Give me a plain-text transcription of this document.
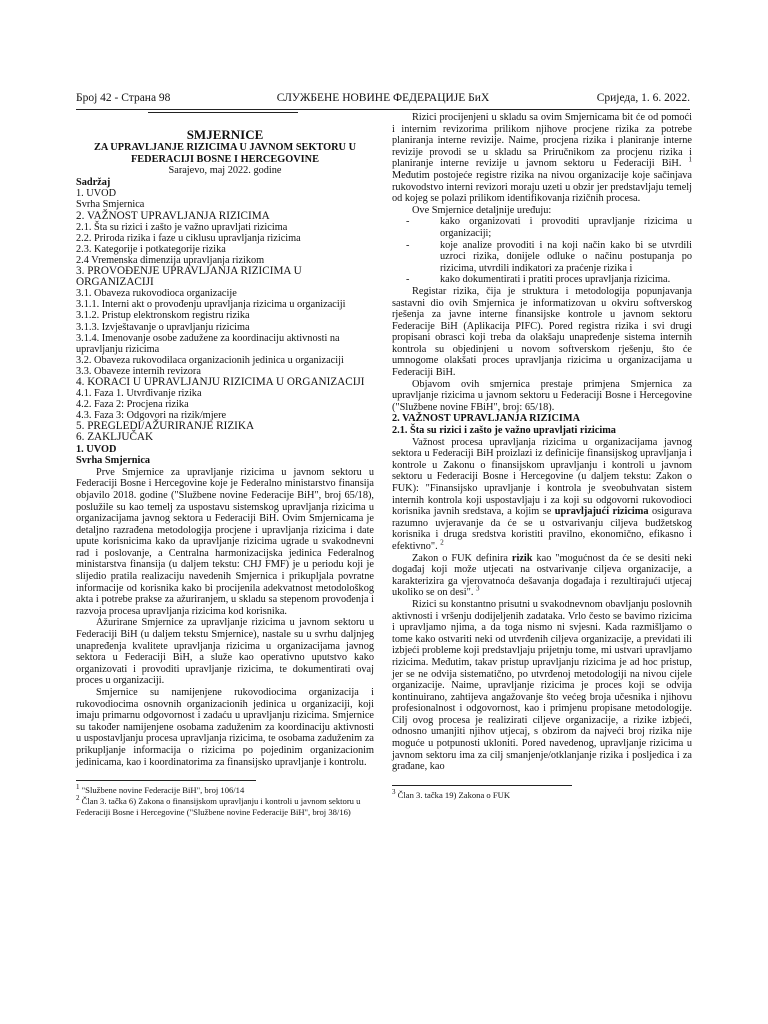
Број 42 - Страна 98	СЛУЖБЕНЕ НОВИНЕ ФЕДЕРАЦИЈЕ БиХ	Сриједа, 1. 6. 2022.
SMJERNICE
ZA UPRAVLJANJE RIZICIMA U JAVNOM SEKTORU U FEDERACIJI BOSNE I HERCEGOVINE
Sarajevo, maj 2022. godine
Sadržaj
1. UVOD
Svrha Smjernica
2. VAŽNOST UPRAVLJANJA RIZICIMA
2.1. Šta su rizici i zašto je važno upravljati rizicima
2.2. Priroda rizika i faze u ciklusu upravljanja rizicima
2.3. Kategorije i potkategorije rizika
2.4 Vremenska dimenzija upravljanja rizikom
3. PROVOĐENJE UPRAVLJANJA RIZICIMA U ORGANIZACIJI
3.1. Obaveza rukovodioca organizacije
3.1.1. Interni akt o provođenju upravljanja rizicima u organizaciji
3.1.2. Pristup elektronskom registru rizika
3.1.3. Izvještavanje o upravljanju rizicima
3.1.4. Imenovanje osobe zadužene za koordinaciju aktivnosti na upravljanju rizicima
3.2. Obaveza rukovodilaca organizacionih jedinica u organizaciji
3.3. Obaveze internih revizora
4. KORACI U UPRAVLJANJU RIZICIMA U ORGANIZACIJI
4.1. Faza 1. Utvrđivanje rizika
4.2. Faza 2: Procjena rizika
4.3. Faza 3: Odgovori na rizik/mjere
5. PREGLEDI/AŽURIRANJE RIZIKA
6. ZAKLJUČAK
1. UVOD
Svrha Smjernica

Prve Smjernice za upravljanje rizicima u javnom sektoru u Federaciji Bosne i Hercegovine koje je Federalno ministarstvo finansija objavilo 2018. godine ("Službene novine Federacije BiH", broj 65/18), poslužile su kao temelj za uspostavu sistemskog upravljanja rizicima u organizacijama javnog sektora u Federaciji BiH. Ovim Smjernicama je detaljno razrađena metodologija procjene i upravljanja rizicima i date upute korisnicima kako da upravljanje rizicima ugrade u svakodnevni rad i poslovanje, a Centralna harmonizacijska jedinica Federalnog ministarstva finansija (u daljem tekstu: CHJ FMF) je u periodu koji je slijedio pratila realizaciju navedenih Smjernica i prikupljala povratne informacije od korisnika kako bi procijenila adekvatnost metodološkog akta i potrebe prakse za ažuriranjem, u skladu sa stepenom provođenja i razvoja procesa upravljanja rizicima kod korisnika.

Ažurirane Smjernice za upravljanje rizicima u javnom sektoru u Federaciji BiH (u daljem tekstu Smjernice), nastale su u svrhu daljnjeg unapređenja kvalitete upravljanja rizicima u organizacijama javnog sektora u Federaciji BiH, a služe kao operativno uputstvo kako organizovati i provoditi upravljanje rizicima, te dokumentirati ovaj proces u organizaciji.

Smjernice su namijenjene rukovodiocima organizacija i rukovodiocima osnovnih organizacionih jedinica u organizaciji, koji imaju primarnu odgovornost i zadaću u upravljanju rizicima. Smjernice su također namijenjene osobama zaduženim za koordinaciju aktivnosti u uspostavljanju procesa upravljanja rizicima, te osobama zaduženim za prikupljanje informacija o rizicima po pojedinim organizacionim jedinicama, kao i koordinatorima za finansijsko upravljanje i kontrolu.

$^1$ "Službene novine Federacije BiH", broj 106/14
$^2$ Član 3. tačka 6) Zakona o finansijskom upravljanju i kontroli u javnom sektoru u Federaciji Bosne i Hercegovine ("Službene novine Federacije BiH", broj 38/16)

Rizici procijenjeni u skladu sa ovim Smjernicama bit će od pomoći i internim revizorima prilikom njihove procjene rizika za potrebe planiranja interne revizije. Naime, procjena rizika i planiranje interne revizije provodi se u skladu sa Priručnikom za procjenu rizika i planiranje interne revizije u javnom sektoru u Federaciji BiH. $^1$ Međutim postojeće registre rizika na nivou organizacije koje sačinjava rukovodstvo interni revizori moraju uzeti u obzir jer predstavljaju temelj od kojeg se polazi prilikom identifikovanja rizičnih procesa.

Ove Smjernice detaljnije uređuju:

- kako organizovati i provoditi upravljanje rizicima u organizaciji;
- koje analize provoditi i na koji način kako bi se utvrdili uzroci rizika, donijele odluke o načinu postupanja po rizicima, utvrdili indikatori za praćenje rizika i
- kako dokumentirati i pratiti proces upravljanja rizicima.

Registar rizika, čija je struktura i metodologija popunjavanja sastavni dio ovih Smjernica je informatizovan u okviru softverskog rješenja za javne interne finansijske kontrole u javnom sektoru Federacije BiH (Aplikacija PIFC). Pored registra rizika i svi drugi propisani obrasci koji treba da olakšaju unapređenje sistema internih kontrola su objedinjeni u novom softverskom rješenju, što će umnogome olakšati proces upravljanja rizicima u organizacijama u Federaciji BiH.

Objavom ovih smjernica prestaje primjena Smjernica za upravljanje rizicima u javnom sektoru u Federaciji Bosne i Hercegovine ("Službene novine FBiH", broj: 65/18).

2. VAŽNOST UPRAVLJANJA RIZICIMA
2.1. Šta su rizici i zašto je važno upravljati rizicima

Važnost procesa upravljanja rizicima u organizacijama javnog sektora u Federaciji BiH proizlazi iz definicije finansijskog upravljanja i kontrole u Zakonu o finansijskom upravljanju i kontroli u javnom sektoru u Federaciji Bosne i Hercegovine (u daljem tekstu: Zakon o FUK): "Finansijsko upravljanje i kontrola je sveobuhvatan sistem internih kontrola koji uspostavljaju i za koji su odgovorni rukovodioci korisnika javnih sredstava, a kojim se upravljajući rizicima osigurava razumno uvjeravanje da će se u ostvarivanju ciljeva budžetskog korisnika i druga sredstva koristiti pravilno, ekonomično, efikasno i efektivno". $^2$

Zakon o FUK definira rizik kao "mogućnost da će se desiti neki događaj koji može utjecati na ostvarivanje ciljeva organizacije, a karakterizira ga vjerovatnoća dešavanja događaja i rezultirajući utjecaj ukoliko se on desi". $^3$

Rizici su konstantno prisutni u svakodnevnom obavljanju poslovnih aktivnosti i vršenju dodijeljenih zadataka. Vrlo često se bavimo rizicima i upravljamo njima, a da toga nismo ni svjesni. Kada razmišljamo o tome kako ostvariti neki od utvrđenih ciljeva organizacije, a previdati ili izbjeći probleme koji predstavljaju prijetnju tome, mi ustvari upravljamo rizicima. Međutim, takav pristup upravljanju rizicima je ad hoc pristup, jer se ne odvija sistematično, po utvrđenoj metodologiji na nivou cijele organizacije. Naime, upravljanje rizicima je proces koji se odvija kontinuirano, zahtijeva angažovanje što većeg broja učesnika i njihovu profesionalnost i odgovornost, kao i primjenu propisane metodologije. Cilj ovog procesa je realizirati ciljeve organizacije, a rizike izbjeći, odnosno umanjiti njihov utjecaj, s obzirom da najveći broj rizika nije moguće u potpunosti ukloniti. Pored navedenog, upravljanje rizicima u javnom sektoru ima za cilj smanjenje/otklanjanje rizika i posljedica i za građane, kao

$^3$ Član 3. tačka 19) Zakona o FUK
